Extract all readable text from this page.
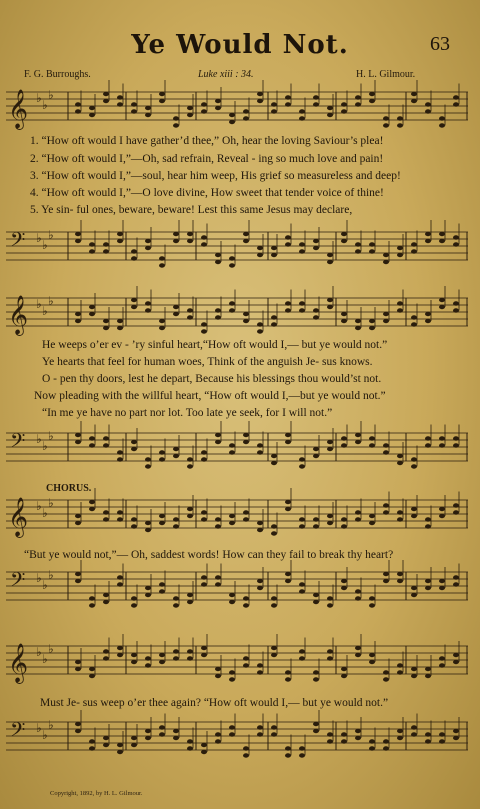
Ye Would Not.	63
F. G. Burroughs.	Luke xiii : 34.	H. L. Gilmour.
𝄞 ♭ ♭
♭
1. “How oft would I have gather’d thee,” Oh, hear the loving Saviour’s plea!
2. “How oft would I,”—Oh, sad refrain, Reveal - ing so much love and pain!
3. “How oft would I,”—soul, hear him weep, His grief so measureless and deep!
4. “How oft would I,”—O love divine, How sweet that tender voice of thine!
5. Ye sin- ful ones, beware, beware! Lest this same Jesus may declare,
𝄢 ♭ ♭
♭
𝄞 ♭ ♭
♭
He weeps o’er ev - ’ry sinful heart,“How oft would I,— but ye would not.”
Ye hearts that feel for human woes, Think of the anguish Je- sus knows.
O - pen thy doors, lest he depart, Because his blessings thou would’st not.
Now pleading with the willful heart, “How oft would I,—but ye would not.”
“In me ye have no part nor lot. Too late ye seek, for I will not.”
𝄢 ♭ ♭
♭
CHORUS.
𝄞 ♭ ♭
♭
“But ye would not,”— Oh, saddest words! How can they fail to break thy heart?
𝄢 ♭ ♭
♭
𝄞 ♭ ♭
♭
Must Je- sus weep o’er thee again? “How oft would I,— but ye would not.”
𝄢 ♭ ♭
♭
Copyright, 1892, by H. L. Gilmour.
